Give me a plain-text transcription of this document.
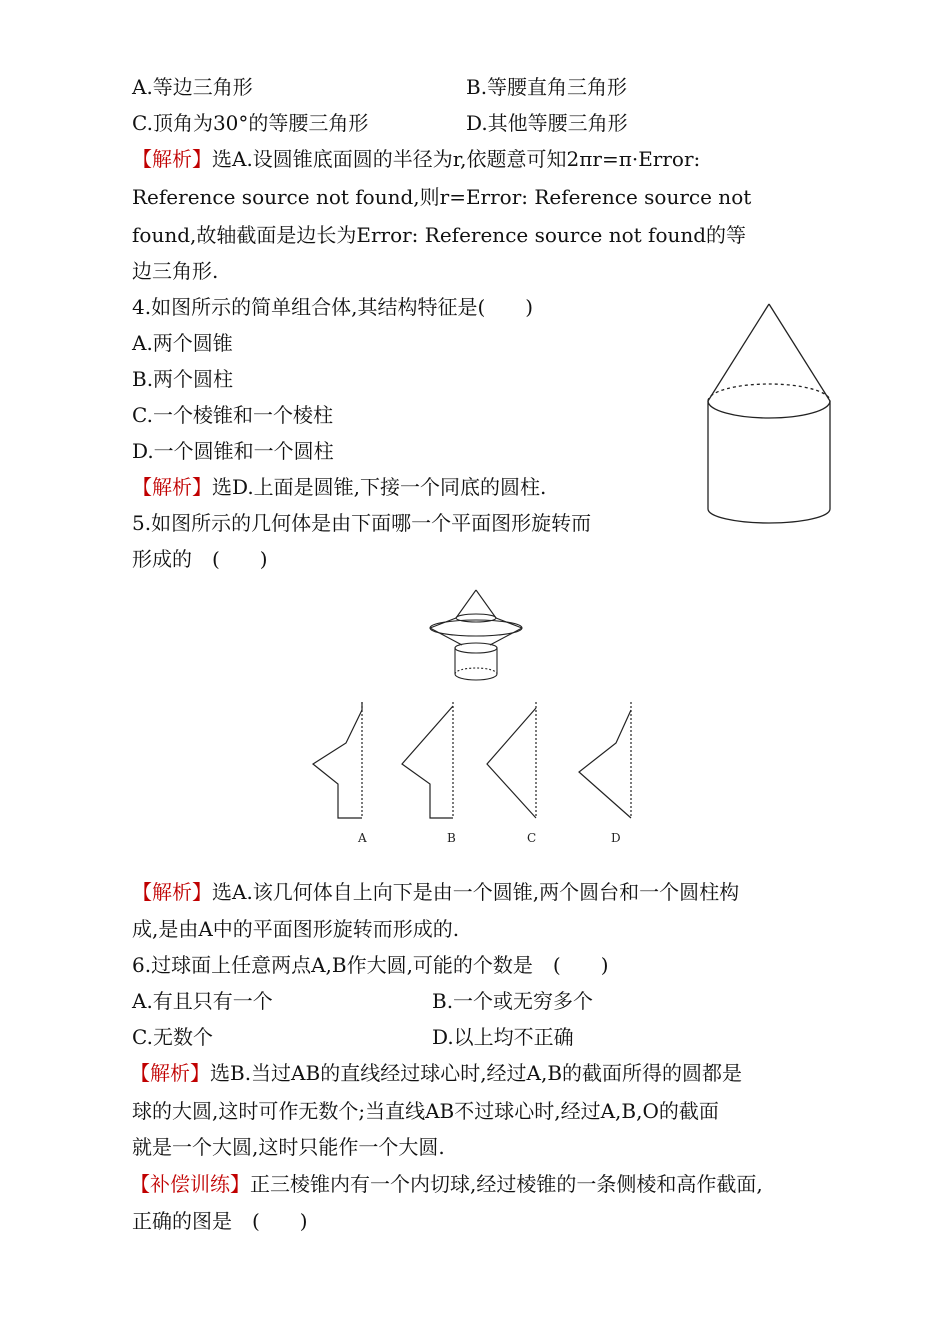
A.等边三角形	B.等腰直角三角形
C.顶角为30°的等腰三角形	D.其他等腰三角形
【解析】选A.设圆锥底面圆的半径为r,依题意可知2πr=π·Error:
Reference source not found,则r=Error: Reference source not
found,故轴截面是边长为Error: Reference source not found的等
边三角形.
4.如图所示的简单组合体,其结构特征是(　　)
A.两个圆锥
B.两个圆柱
C.一个棱锥和一个棱柱
D.一个圆锥和一个圆柱
【解析】选D.上面是圆锥,下接一个同底的圆柱.
5.如图所示的几何体是由下面哪一个平面图形旋转而
形成的　(　　)
A	B	C	D
【解析】选A.该几何体自上向下是由一个圆锥,两个圆台和一个圆柱构
成,是由A中的平面图形旋转而形成的.
6.过球面上任意两点A,B作大圆,可能的个数是　(　　)
A.有且只有一个	B.一个或无穷多个
C.无数个	D.以上均不正确
【解析】选B.当过AB的直线经过球心时,经过A,B的截面所得的圆都是
球的大圆,这时可作无数个;当直线AB不过球心时,经过A,B,O的截面
就是一个大圆,这时只能作一个大圆.
【补偿训练】正三棱锥内有一个内切球,经过棱锥的一条侧棱和高作截面,
正确的图是　(　　)
